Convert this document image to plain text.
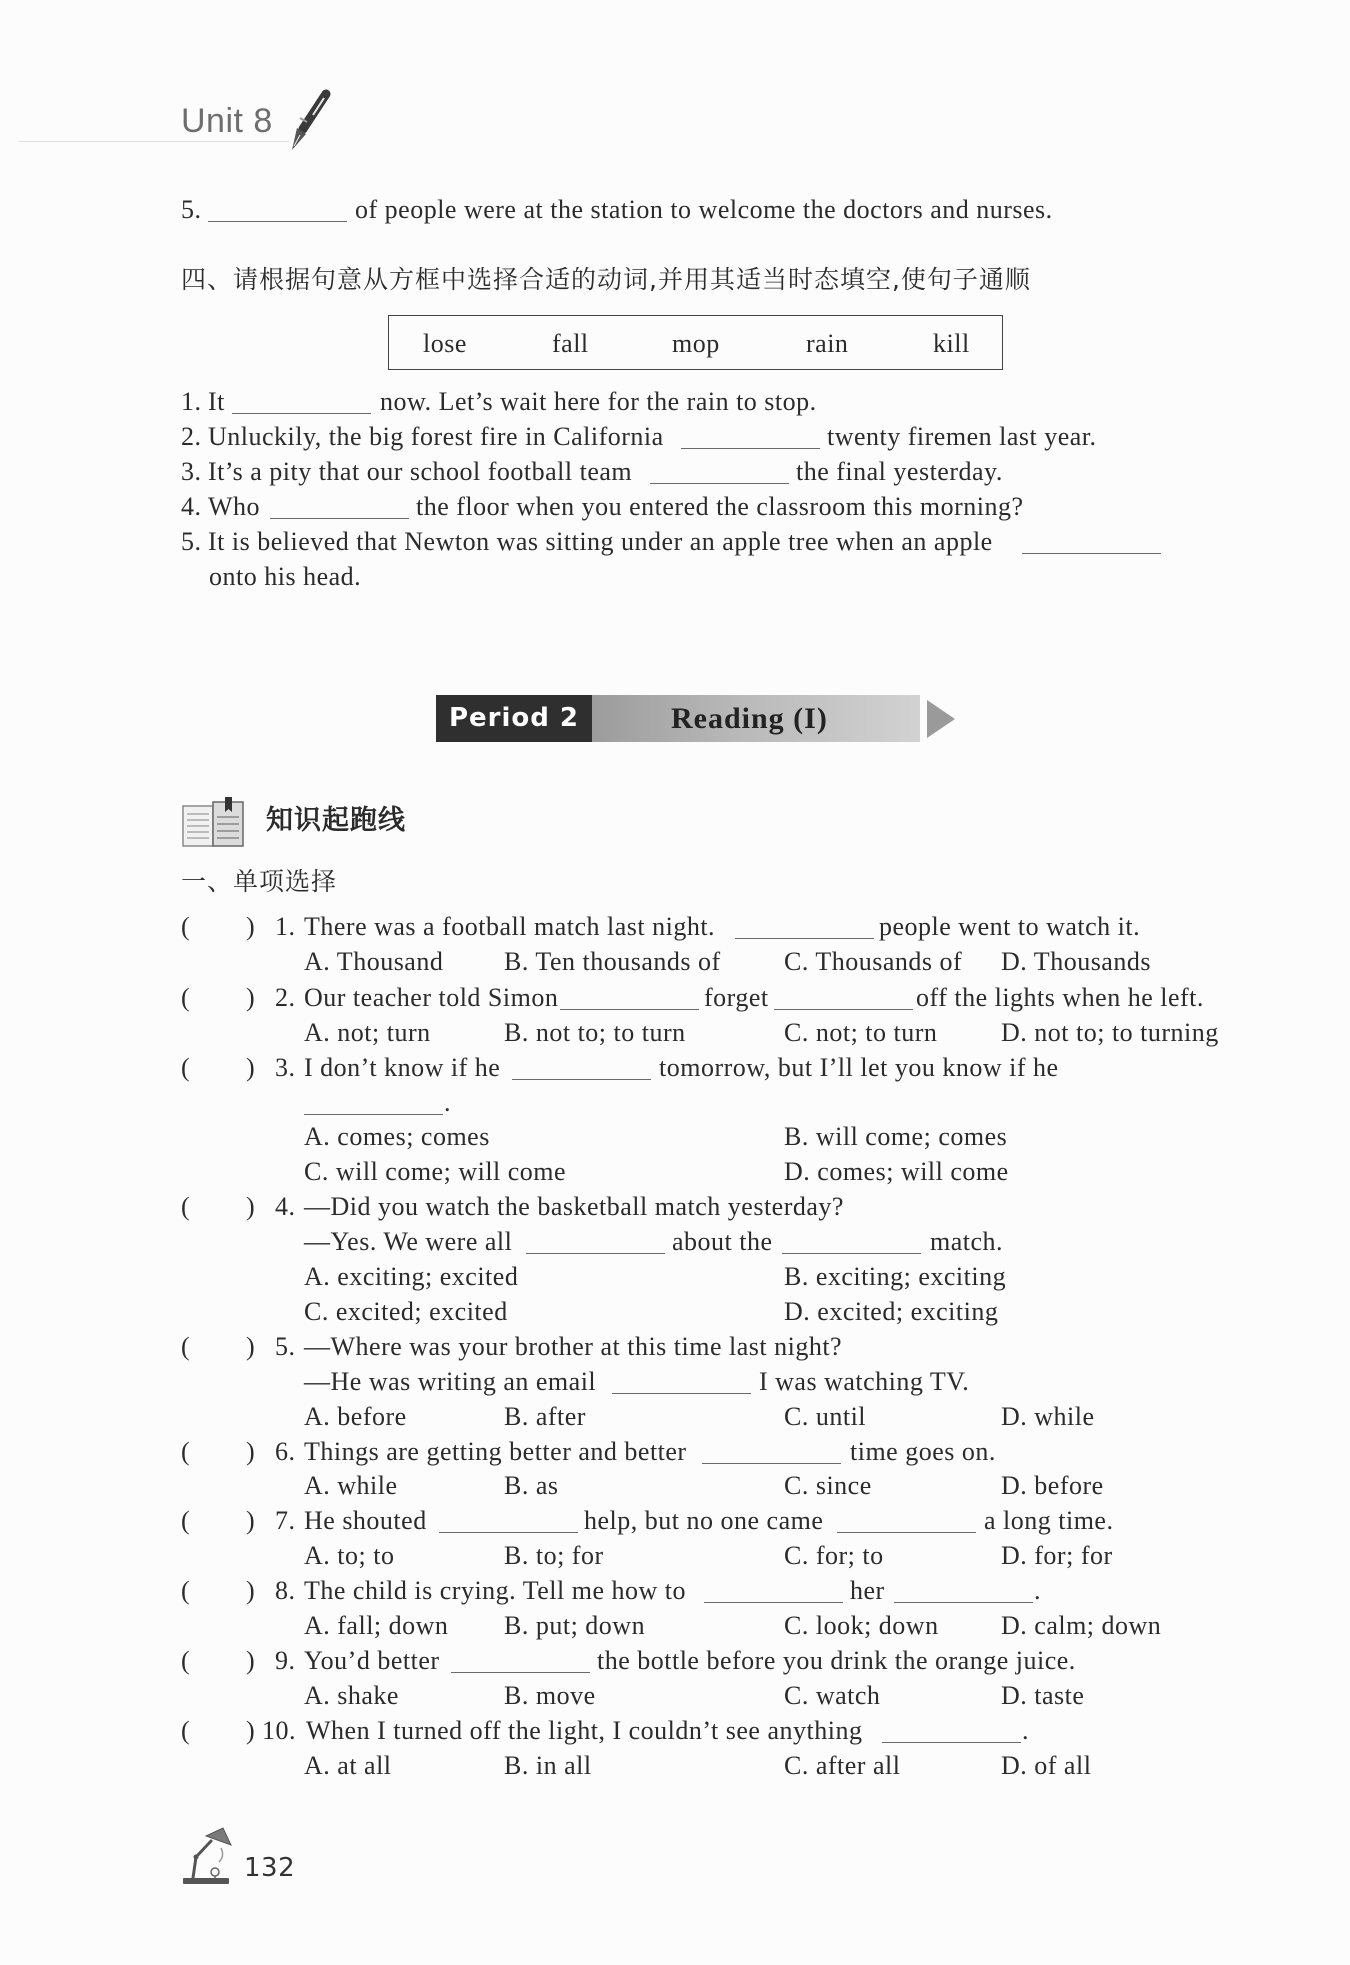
Unit 8
5.	of people were at the station to welcome the doctors and nurses.
四、请根据句意从方框中选择合适的动词,并用其适当时态填空,使句子通顺
lose	fall	mop	rain	kill
1. It	now. Let’s wait here for the rain to stop.
2. Unluckily, the big forest fire in California	twenty firemen last year.
3. It’s a pity that our school football team	the final yesterday.
4. Who	the floor when you entered the classroom this morning?
5. It is believed that Newton was sitting under an apple tree when an apple
onto his head.
Period 2	Reading (I)
知识起跑线
一、单项选择
( ) 1. There was a football match last night.	people went to watch it.
A. Thousand B. Ten thousands of C. Thousands of D. Thousands
( ) 2. Our teacher told Simon	forget	off the lights when he left.
A. not; turn	B. not to; to turn	C. not; to turn D. not to; to turning
( ) 3. I don’t know if he	tomorrow, but I’ll let you know if he
.
A. comes; comes	B. will come; comes
C. will come; will come	D. comes; will come
( ) 4. —Did you watch the basketball match yesterday?
—Yes. We were all	about the	match.
A. exciting; excited	B. exciting; exciting
C. excited; excited	D. excited; exciting
( ) 5. —Where was your brother at this time last night?
—He was writing an email	I was watching TV.
A. before	B. after	C. until	D. while
( ) 6. Things are getting better and better	time goes on.
A. while	B. as	C. since	D. before
( ) 7. He shouted	help, but no one came	a long time.
A. to; to	B. to; for	C. for; to	D. for; for
( ) 8. The child is crying. Tell me how to	her	.
A. fall; down B. put; down	C. look; down D. calm; down
( ) 9. You’d better	the bottle before you drink the orange juice.
A. shake	B. move	C. watch	D. taste
( ) 10. When I turned off the light, I couldn’t see anything	.
A. at all	B. in all	C. after all	D. of all
132
